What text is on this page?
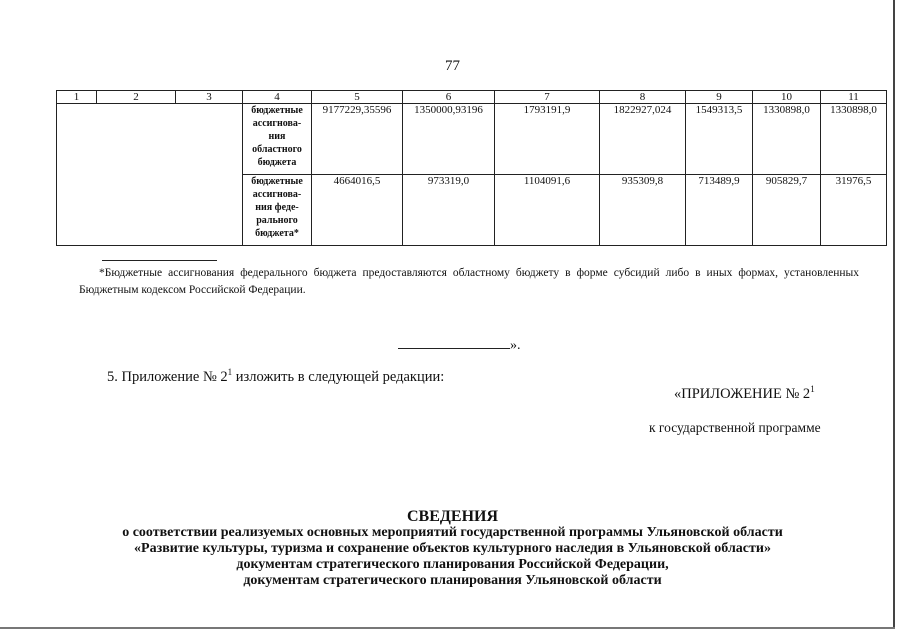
77
1	2	3	4	5	6	7	8	9	10	11
			бюджетные ассигнова-ния областного бюджета	9177229,35596	1350000,93196	1793191,9	1822927,024	1549313,5	1330898,0	1330898,0
			бюджетные ассигнова-ния феде-рального бюджета*	4664016,5	973319,0	1104091,6	935309,8	713489,9	905829,7	31976,5
*Бюджетные ассигнования федерального бюджета предоставляются областному бюджету в форме субсидий либо в иных формах, установленных Бюджетным кодексом Российской Федерации.
».
5. Приложение № $2^1$ изложить в следующей редакции:
«ПРИЛОЖЕНИЕ № $2^1$
к государственной программе
СВЕДЕНИЯ
о соответствии реализуемых основных мероприятий государственной программы Ульяновской области
«Развитие культуры, туризма и сохранение объектов культурного наследия в Ульяновской области»
документам стратегического планирования Российской Федерации,
документам стратегического планирования Ульяновской области
